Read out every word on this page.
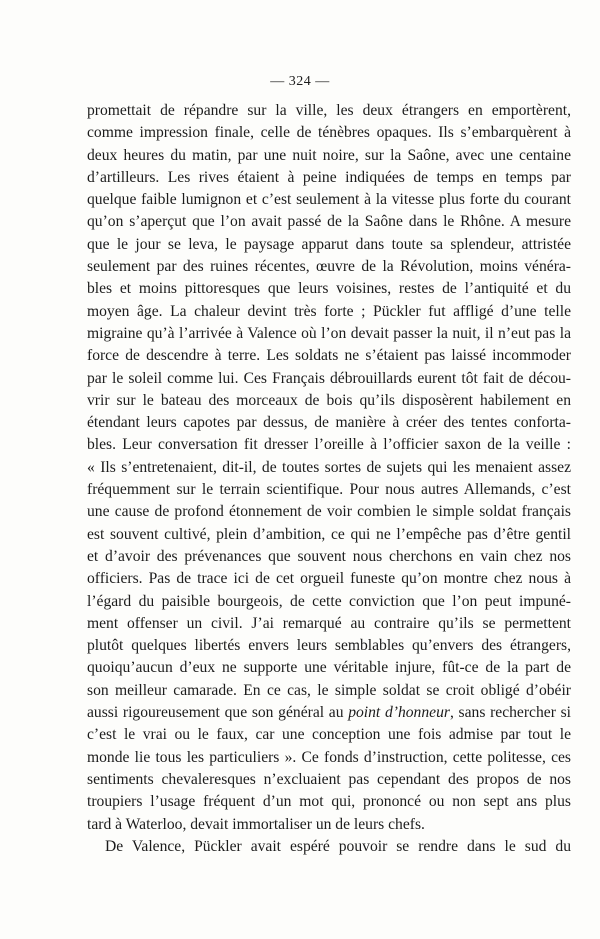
— 324 —
promettait de répandre sur la ville, les deux étrangers en emportèrent,
comme impression finale, celle de ténèbres opaques. Ils s’embarquèrent à
deux heures du matin, par une nuit noire, sur la Saône, avec une centaine
d’artilleurs. Les rives étaient à peine indiquées de temps en temps par
quelque faible lumignon et c’est seulement à la vitesse plus forte du courant
qu’on s’aperçut que l’on avait passé de la Saône dans le Rhône. A mesure
que le jour se leva, le paysage apparut dans toute sa splendeur, attristée
seulement par des ruines récentes, œuvre de la Révolution, moins vénéra-
bles et moins pittoresques que leurs voisines, restes de l’antiquité et du
moyen âge. La chaleur devint très forte ; Pückler fut affligé d’une telle
migraine qu’à l’arrivée à Valence où l’on devait passer la nuit, il n’eut pas la
force de descendre à terre. Les soldats ne s’étaient pas laissé incommoder
par le soleil comme lui. Ces Français débrouillards eurent tôt fait de décou-
vrir sur le bateau des morceaux de bois qu’ils disposèrent habilement en
étendant leurs capotes par dessus, de manière à créer des tentes conforta-
bles. Leur conversation fit dresser l’oreille à l’officier saxon de la veille :
« Ils s’entretenaient, dit-il, de toutes sortes de sujets qui les menaient assez
fréquemment sur le terrain scientifique. Pour nous autres Allemands, c’est
une cause de profond étonnement de voir combien le simple soldat français
est souvent cultivé, plein d’ambition, ce qui ne l’empêche pas d’être gentil
et d’avoir des prévenances que souvent nous cherchons en vain chez nos
officiers. Pas de trace ici de cet orgueil funeste qu’on montre chez nous à
l’égard du paisible bourgeois, de cette conviction que l’on peut impuné-
ment offenser un civil. J’ai remarqué au contraire qu’ils se permettent
plutôt quelques libertés envers leurs semblables qu’envers des étrangers,
quoiqu’aucun d’eux ne supporte une véritable injure, fût-ce de la part de
son meilleur camarade. En ce cas, le simple soldat se croit obligé d’obéir
aussi rigoureusement que son général au point d’honneur, sans rechercher si
c’est le vrai ou le faux, car une conception une fois admise par tout le
monde lie tous les particuliers ». Ce fonds d’instruction, cette politesse, ces
sentiments chevaleresques n’excluaient pas cependant des propos de nos
troupiers l’usage fréquent d’un mot qui, prononcé ou non sept ans plus
tard à Waterloo, devait immortaliser un de leurs chefs.
De Valence, Pückler avait espéré pouvoir se rendre dans le sud du
